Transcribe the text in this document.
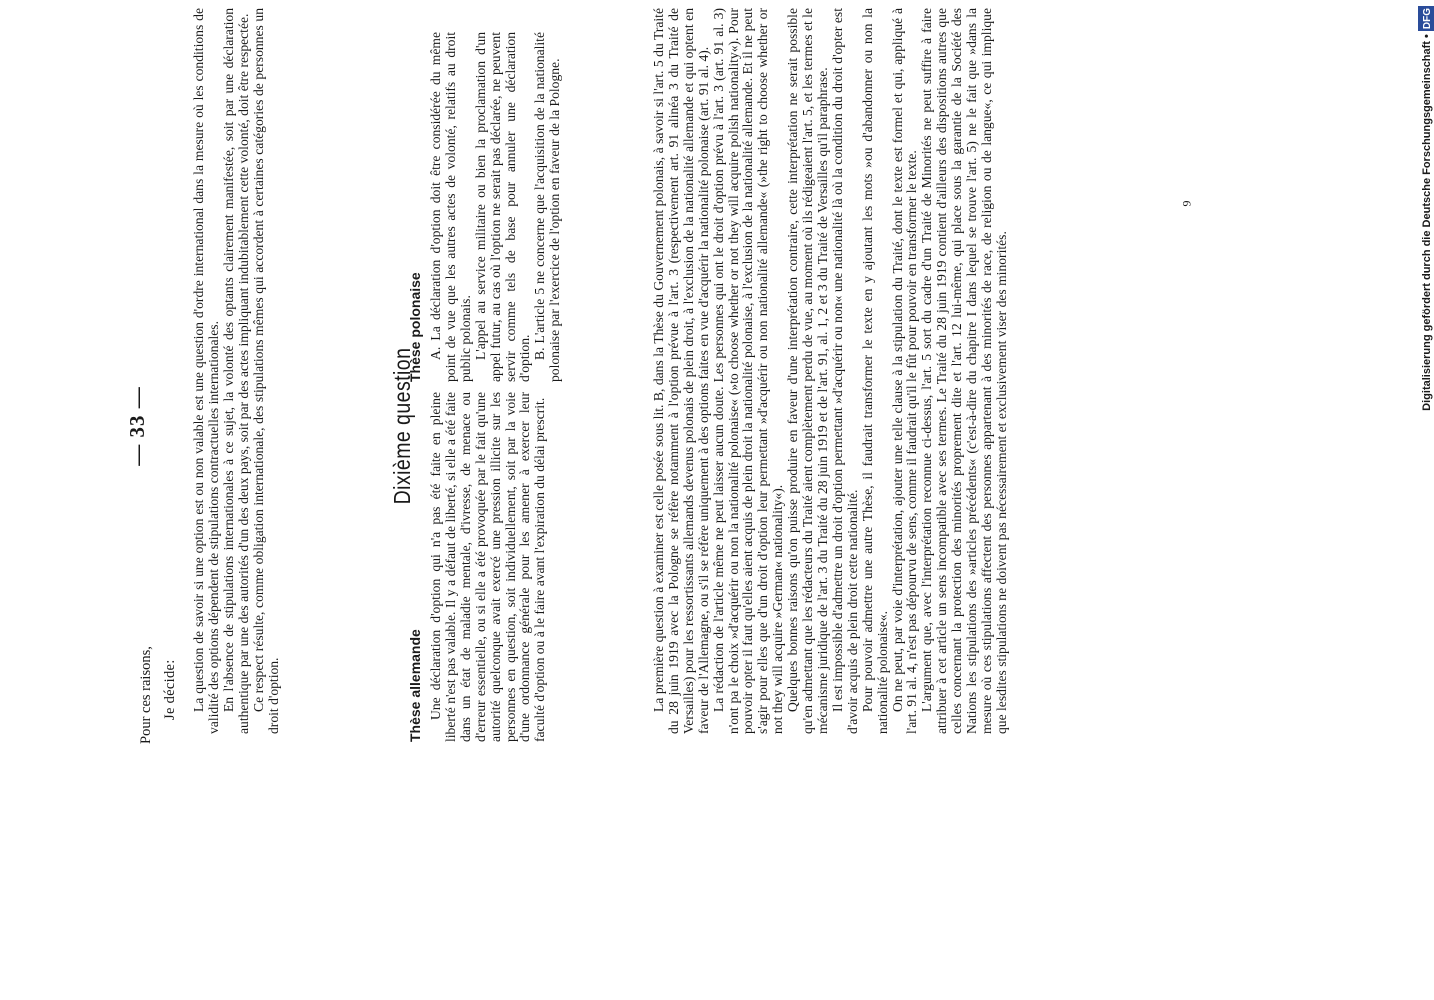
— 33 —
Pour ces raisons, Je décide: La question de savoir si une option est ou non valable est une question d'ordre international dans la mesure où les conditions de validité des options dépendent de stipulations contractuelles internationales. En l'absence de stipulations internationales à ce sujet, la volonté des optants clairement manifestée, soit par une déclaration authentique par une des autorités d'un des deux pays, soit par des actes impliquant indubitablement cette volonté, doit être respectée. Ce respect résulte, comme obligation internationale, des stipulations mêmes qui accordent à certaines catégories de personnes un droit d'option.

Dixième question
Thèse allemande
Thèse polonaise

Une déclaration d'option qui n'a pas été faite en pleine liberté n'est pas valable. Il y a défaut de liberté, si elle a été faite dans un état de maladie mentale, d'ivresse, de menace ou d'erreur essentielle, ou si elle a été provoquée par le fait qu'une autorité quelconque avait exercé une pression illicite sur les personnes en question, soit individuellement, soit par la voie d'une ordonnance générale pour les amener à exercer leur faculté d'option ou à le faire avant l'expiration du délai prescrit.

A. La déclaration d'option doit être considérée du même point de vue que les autres actes de volonté, relatifs au droit public polonais. L'appel au service militaire ou bien la proclamation d'un appel futur, au cas où l'option ne serait pas déclarée, ne peuvent servir comme tels de base pour annuler une déclaration d'option. B. L'article 5 ne concerne que l'acquisition de la nationalité polonaise par l'exercice de l'option en faveur de la Pologne.	La première question à examiner est celle posée sous lit. B, dans la Thèse du Gouvernement polonais, à savoir si l'art. 5 du Traité du 28 juin 1919 avec la Pologne se réfère notamment à l'option prévue à l'art. 3 (respectivement art. 91 alinéa 3 du Traité de Versailles) pour les ressortissants allemands devenus polonais de plein droit, à l'exclusion de la nationalité allemande et qui optent en faveur de l'Allemagne, ou s'il se réfère uniquement à des options faites en vue d'acquérir la nationalité polonaise (art. 91 al. 4). La rédaction de l'article même ne peut laisser aucun doute. Les personnes qui ont le droit d'option prévu à l'art. 3 (art. 91 al. 3) n'ont pa le choix »d'acquérir ou non la nationalité polonaise« (»to choose whether or not they will acquire polish nationality«). Pour pouvoir opter il faut qu'elles aient acquis de plein droit la nationalité polonaise, à l'exclusion de la nationalité allemande. Et il ne peut s'agir pour elles que d'un droit d'option leur permettant »d'acquérir ou non nationalité allemande« (»the right to choose whether or not they will acquire »German« nationality«). Quelques bonnes raisons qu'on puisse produire en faveur d'une interprétation contraire, cette interprétation ne serait possible qu'en admettant que les rédacteurs du Traité aient complètement perdu de vue, au moment où ils rédigeaient l'art. 5, et les termes et le mécanisme juridique de l'art. 3 du Traité du 28 juin 1919 et de l'art. 91, al. 1, 2 et 3 du Traité de Versailles qu'il paraphrase. Il est impossible d'admettre un droit d'option permettant »d'acquérir ou non« une nationalité là où la condition du droit d'opter est d'avoir acquis de plein droit cette nationalité. Pour pouvoir admettre une autre Thèse, il faudrait transformer le texte en y ajoutant les mots »ou d'abandonner ou non la nationalité polonaise«. On ne peut, par voie d'interprétation, ajouter une telle clause à la stipulation du Traité, dont le texte est formel et qui, appliqué à l'art. 91 al. 4, n'est pas dépourvu de sens, comme il faudrait qu'il le fût pour pouvoir en transformer le texte. L'argument que, avec l'interprétation reconnue ci-dessus, l'art. 5 sort du cadre d'un Traité de Minorités ne peut suffire à faire attribuer à cet article un sens incompatible avec ses termes. Le Traité du 28 juin 1919 contient d'ailleurs des dispositions autres que celles concernant la protection des minorités proprement dite et l'art. 12 lui-même, qui place sous la garantie de la Société des Nations les stipulations des »articles précédents« (c'est-à-dire du chapitre I dans lequel se trouve l'art. 5) ne le fait que »dans la mesure où ces stipulations affectent des personnes appartenant à des minorités de race, de religion ou de langue«, ce qui implique que lesdites stipulations ne doivent pas nécessairement et exclusivement viser des minorités.

9	Digitalisierung gefördert durch die Deutsche Forschungsgemeinschaft •DFG
